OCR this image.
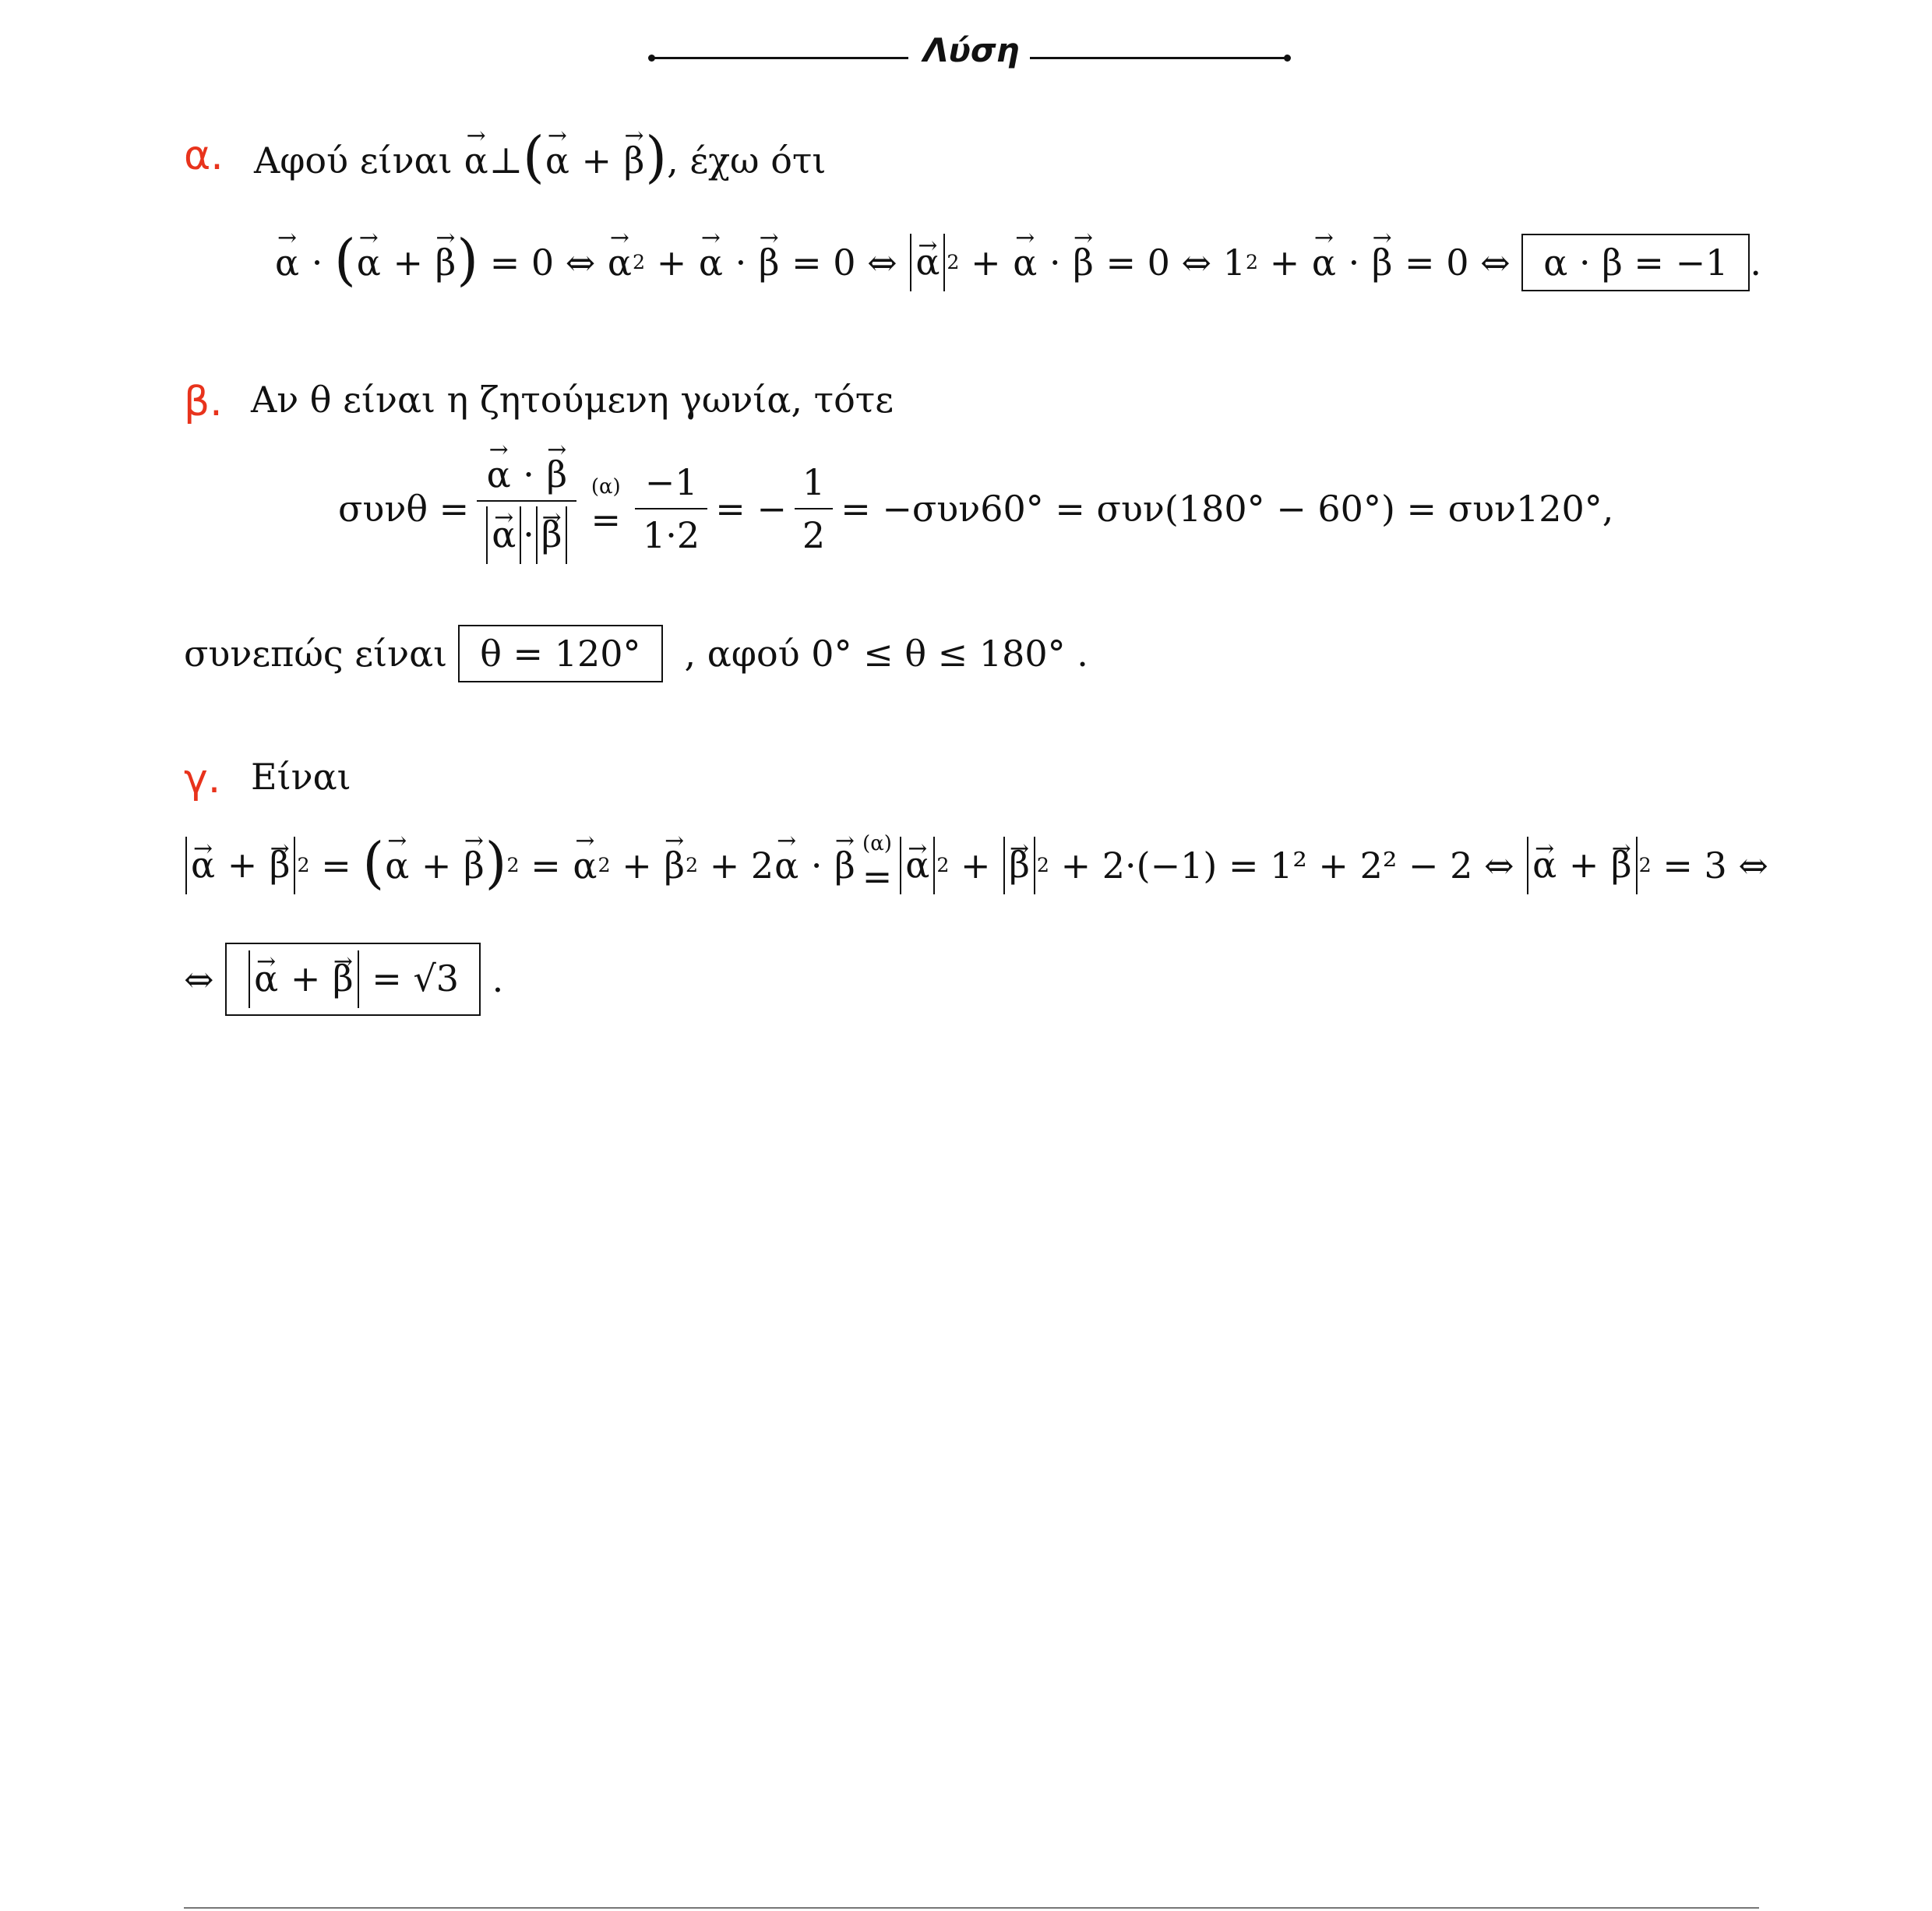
Λύση
α. Αφού είναι → α ⊥ ( → α + → β ) , έχω ότι
→ α · ( → α + → β ) = 0 ⇔ → α 2 + → α · → β
= 0 ⇔
→ α 2 + → α · → β = 0 ⇔ 1 2 + → α · → β = 0 ⇔ α · β = −1 .
β. Αν θ είναι η ζητούμενη γωνία, τότε
συνθ = → α · → β
→ α · → β (α)
= $\frac{-1}{1\cdot 2}$ = − $\frac{1}{2} = -\sigma\upsilon\nu 60^\circ = \sigma\upsilon\nu(180^\circ - 60^\circ) = \sigma\upsilon\nu 120^\circ$,
συνεπώς είναι θ = 120°	, αφού 0° ≤ θ ≤ 180° .
γ. Είναι
→ α + → β 2 = ( → α + → β ) 2 = → α 2 + → β 2 + 2 → α · → β
(α)
= → α 2 + → β 2
+ 2·(−1) = 1² + 2² − 2 ⇔
→ α + → β 2
= 3 ⇔
⇔ → α + → β = √3
.
